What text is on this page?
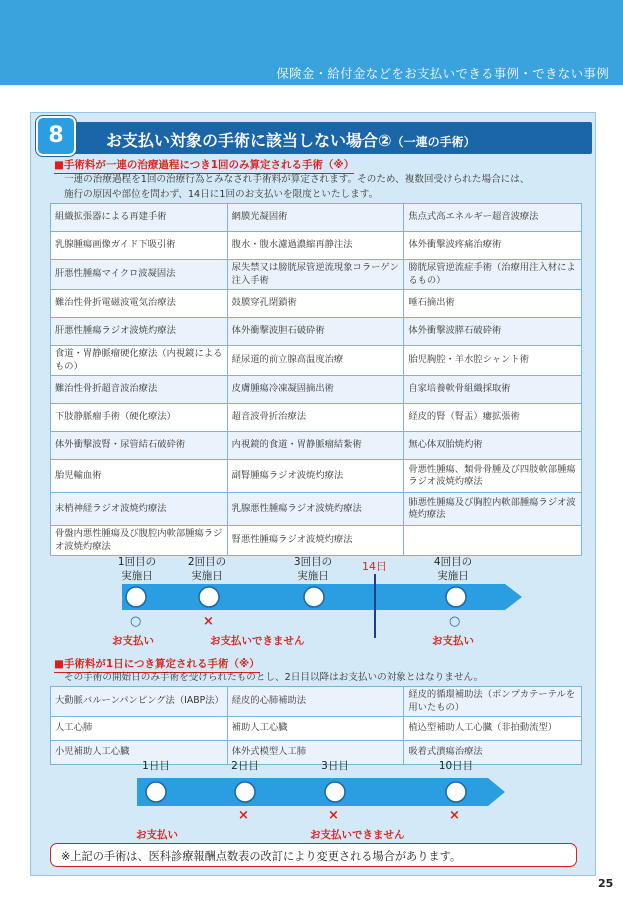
保険金・給付金などをお支払いできる事例・できない事例
お支払い対象の手術に該当しない場合②（一連の手術）
8
■手術料が一連の治療過程につき1回のみ算定される手術（※）
一連の治療過程を1回の治療行為とみなされ手術料が算定されます。そのため、複数回受けられた場合には、
施行の原因や部位を問わず、14日に1回のお支払いを限度といたします。
組織拡張器による再建手術	網膜光凝固術	焦点式高エネルギー超音波療法
乳腺腫瘍画像ガイド下吸引術	腹水・腹水濾過濃縮再静注法	体外衝撃波疼痛治療術
肝悪性腫瘍マイクロ波凝固法	尿失禁又は膀胱尿管逆流現象コラーゲン注入手術	膀胱尿管逆流症手術（治療用注入材によるもの）
難治性骨折電磁波電気治療法	鼓膜穿孔閉鎖術	唾石摘出術
肝悪性腫瘍ラジオ波焼灼療法	体外衝撃波胆石破砕術	体外衝撃波膵石破砕術
食道・胃静脈瘤硬化療法（内視鏡によるもの）	経尿道的前立腺高温度治療	胎児胸腔・羊水腔シャント術
難治性骨折超音波治療法	皮膚腫瘍冷凍凝固摘出術	自家培養軟骨組織採取術
下肢静脈瘤手術（硬化療法）	超音波骨折治療法	経皮的腎（腎盂）瘻拡張術
体外衝撃波腎・尿管結石破砕術	内視鏡的食道・胃静脈瘤結紮術	無心体双胎焼灼術
胎児輸血術	副腎腫瘍ラジオ波焼灼療法	骨悪性腫瘍、類骨骨腫及び四肢軟部腫瘍ラジオ波焼灼療法
末梢神経ラジオ波焼灼療法	乳腺悪性腫瘍ラジオ波焼灼療法	肺悪性腫瘍及び胸腔内軟部腫瘍ラジオ波焼灼療法
骨盤内悪性腫瘍及び腹腔内軟部腫瘍ラジオ波焼灼療法	腎悪性腫瘍ラジオ波焼灼療法	
1回目の
実施日
2回目の
実施日
3回目の
実施日
4回目の
実施日
14日
○	×	○
お支払い	お支払いできません	お支払い
■手術料が1日につき算定される手術（※）
その手術の開始日のみ手術を受けられたものとし、2日目以降はお支払いの対象とはなりません。
大動脈バルーンパンピング法（IABP法）	経皮的心肺補助法	経皮的循環補助法（ポンプカテーテルを用いたもの）
人工心肺	補助人工心臓	植込型補助人工心臓（非拍動流型）
小児補助人工心臓	体外式模型人工肺	吸着式潰瘍治療法
1日目	2日目	3日目	10日目
×	×	×
お支払い	お支払いできません
※上記の手術は、医科診療報酬点数表の改訂により変更される場合があります。
25
